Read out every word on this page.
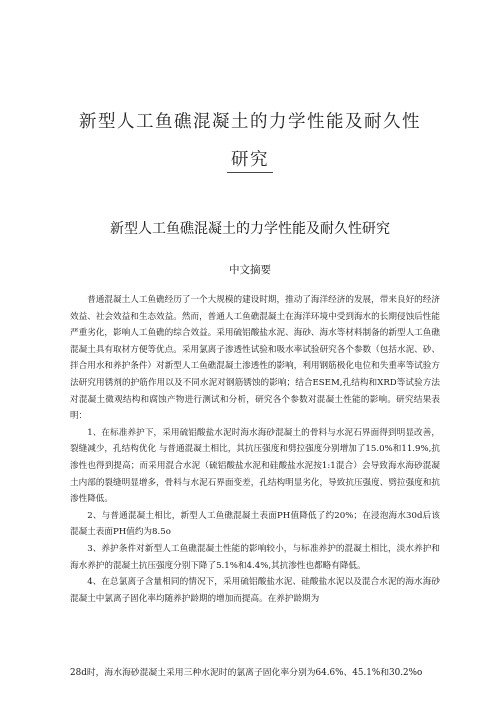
新型人工鱼礁混凝土的力学性能及耐久性
研究
新型人工鱼礁混凝土的力学性能及耐久性研究
中文摘要

普通混凝土人工鱼礁经历了一个大规模的建设时期，推动了海洋经济的发展，带来良好的经济效益、社会效益和生态效益。然而，普通人工鱼礁混凝土在海洋环境中受到海水的长期侵蚀后性能严重劣化，影响人工鱼礁的综合效益。采用硫铝酸盐水泥、海砂、海水等材料制备的新型人工鱼礁混凝土具有取材方便等优点。采用氯离子渗透性试验和吸水率试验研究各个参数（包括水泥、砂、拌合用水和养护条件）对新型人工鱼礁混凝土渗透性的影响，利用钢筋极化电位和失重率等试验方法研究用锈剂的护筋作用以及不同水泥对钢筋锈蚀的影响；结合ESEM,孔结构和XRD等试验方法对混凝土微观结构和腐蚀产物进行测试和分析，研究各个参数对混凝土性能的影响。研究结果表明：

1、在标准养护下，采用硫铝酸盐水泥时海水海砂混凝土的骨料与水泥石界面得到明显改善，裂缝减少，孔结构优化 与普通混凝土相比，其抗压强度和劈拉强度分别增加了15.0%和11.9%,抗渗性也得到提高；而采用混合水泥（硫铝酸盐水泥和硅酸盐水泥按1:1混合）会导致海水海砂混凝土内部的裂缝明显增多，骨料与水泥石界面变差，孔结构明显劣化，导致抗压强度、劈拉强度和抗渗性降低。

2、与普通混凝土相比，新型人工鱼礁混凝土表面PH值降低了约20%；在浸泡海水30d后该混凝土表面PH值约为8.5o

3、养护条件对新型人工鱼礁混凝土性能的影响较小，与标准养护的混凝土相比，淡水养护和海水养护的混凝土抗压强度分别下降了5.1%和4.4%,其抗渗性也都略有降低。

4、在总氯离子含量相同的情况下，采用硫铝酸盐水泥、硅酸盐水泥以及混合水泥的海水海砂混凝土中氯离子固化率均随养护龄期的增加而提高。在养护龄期为

28d时，海水海砂混凝土采用三种水泥时的氯离子固化率分别为64.6%、45.1%和30.2%o
